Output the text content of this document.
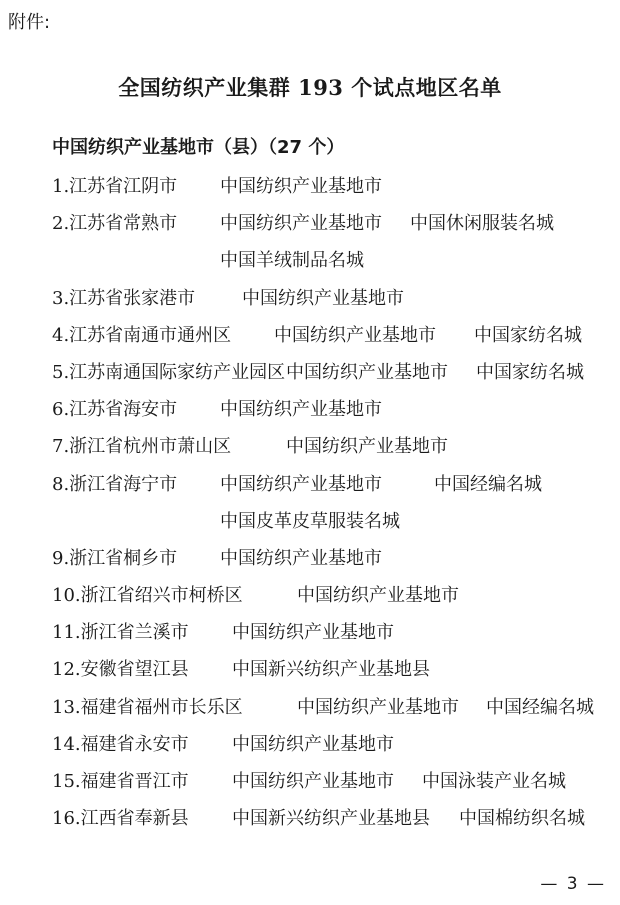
附件:
全国纺织产业集群 193 个试点地区名单
中国纺织产业基地市（县）（27 个）
1.江苏省江阴市 中国纺织产业基地市
2.江苏省常熟市 中国纺织产业基地市 中国休闲服装名城
中国羊绒制品名城
3.江苏省张家港市	中国纺织产业基地市
4.江苏省南通市通州区 中国纺织产业基地市 中国家纺名城
5.江苏南通国际家纺产业园区 中国纺织产业基地市 中国家纺名城
6.江苏省海安市 中国纺织产业基地市
7.浙江省杭州市萧山区	中国纺织产业基地市
8.浙江省海宁市 中国纺织产业基地市	中国经编名城
中国皮革皮草服装名城
9.浙江省桐乡市 中国纺织产业基地市
10.浙江省绍兴市柯桥区	中国纺织产业基地市
11.浙江省兰溪市 中国纺织产业基地市
12.安徽省望江县 中国新兴纺织产业基地县
13.福建省福州市长乐区	中国纺织产业基地市 中国经编名城
14.福建省永安市 中国纺织产业基地市
15.福建省晋江市 中国纺织产业基地市 中国泳装产业名城
16.江西省奉新县 中国新兴纺织产业基地县 中国棉纺织名城
— 3 —
